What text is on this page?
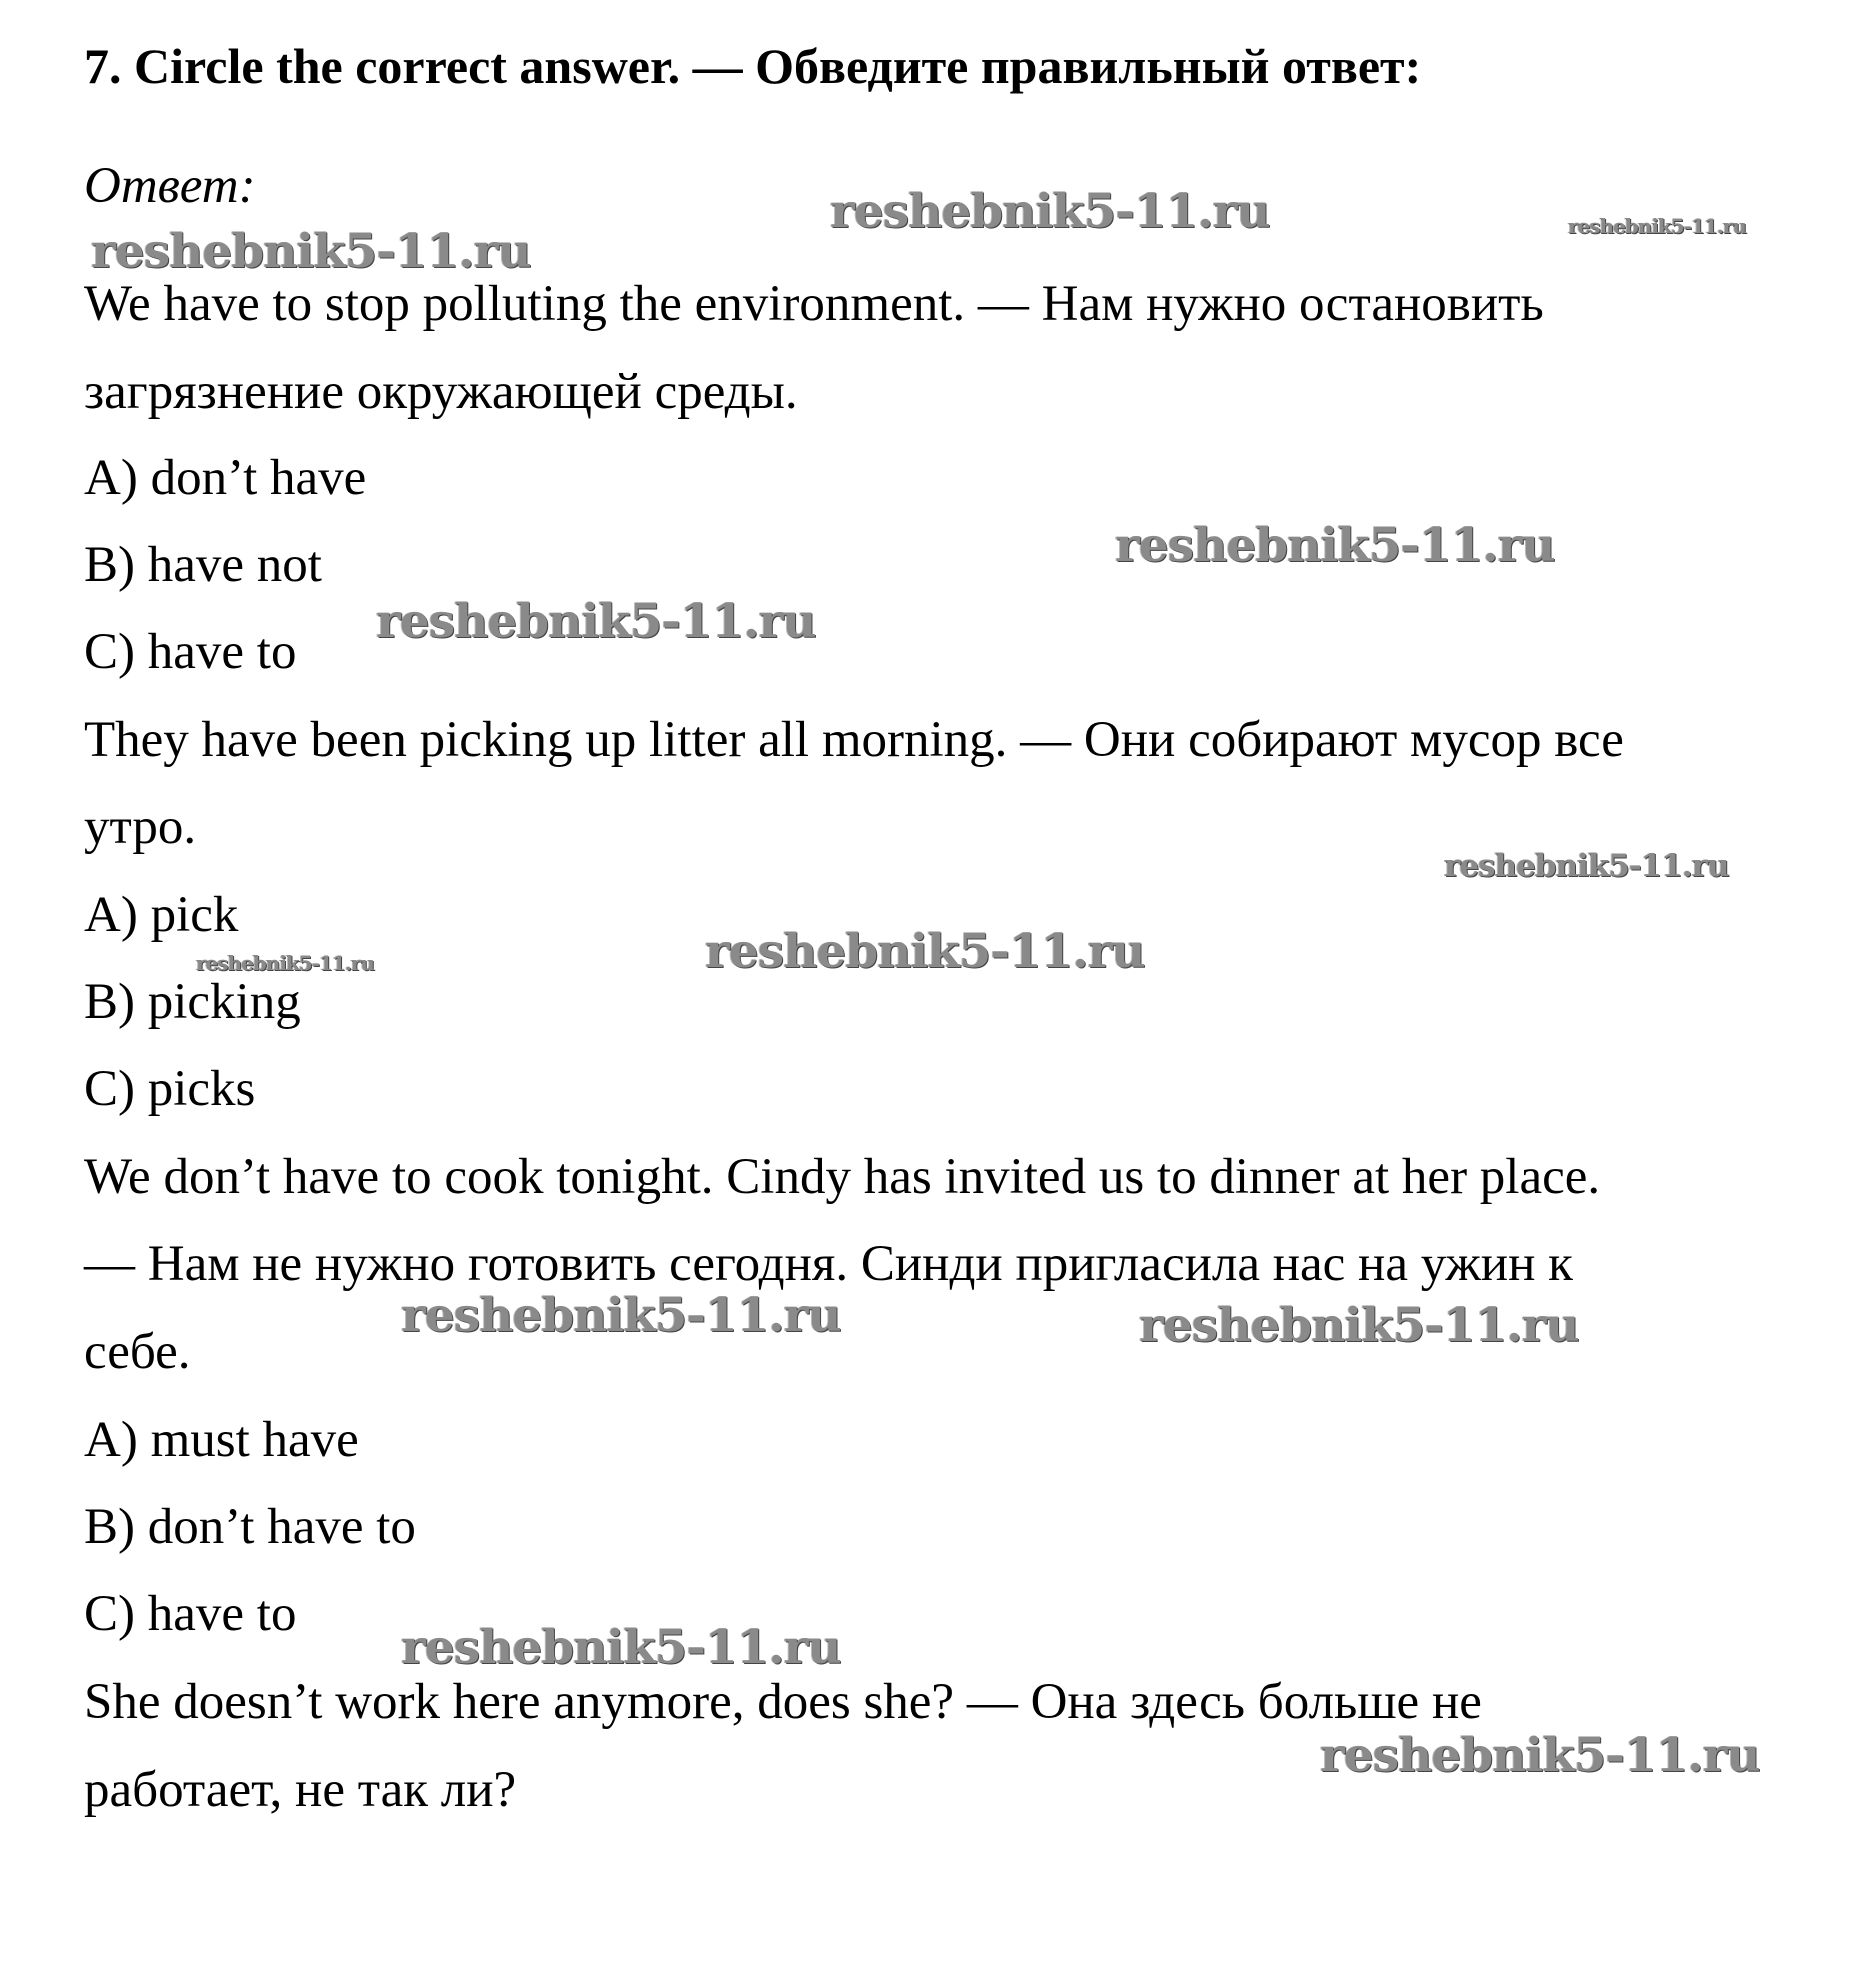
7. Circle the correct answer. — Обведите правильный ответ:
Ответ:
We have to stop polluting the environment. — Нам нужно остановить
загрязнение окружающей среды.
A) don’t have
B) have not
C) have to
They have been picking up litter all morning. — Они собирают мусор все
утро.
A) pick
B) picking
C) picks
We don’t have to cook tonight. Cindy has invited us to dinner at her place.
— Нам не нужно готовить сегодня. Синди пригласила нас на ужин к
себе.
A) must have
B) don’t have to
C) have to
She doesn’t work here anymore, does she? — Она здесь больше не
работает, не так ли?
reshebnik5-11.ru	reshebnik5-11.ru
reshebnik5-11.ru
reshebnik5-11.ru
reshebnik5-11.ru
reshebnik5-11.ru
reshebnik5-11.ru
reshebnik5-11.ru
reshebnik5-11.ru	reshebnik5-11.ru
reshebnik5-11.ru
reshebnik5-11.ru
